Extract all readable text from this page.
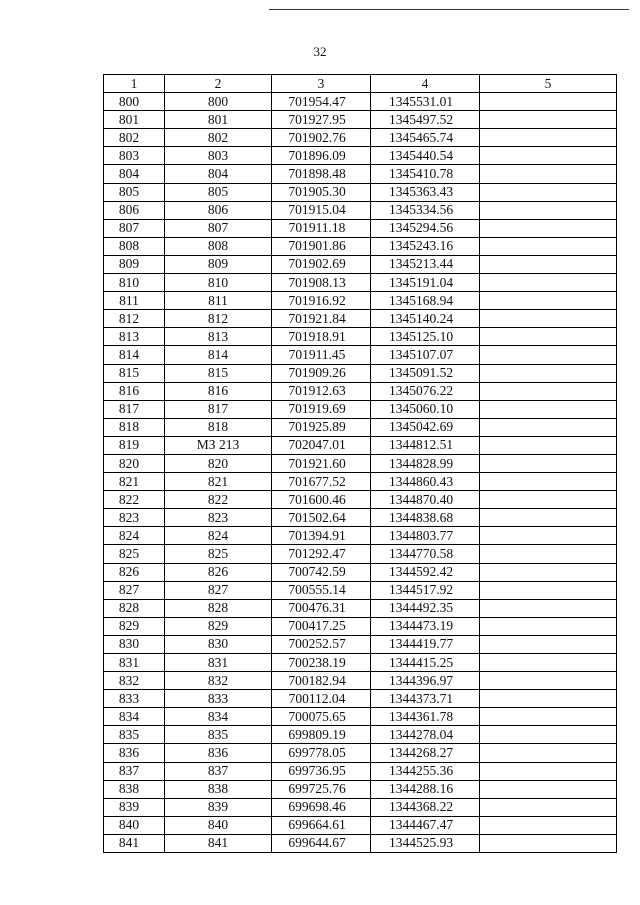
32
1	2	3	4	5
800	800	701954.47	1345531.01	
801	801	701927.95	1345497.52	
802	802	701902.76	1345465.74	
803	803	701896.09	1345440.54	
804	804	701898.48	1345410.78	
805	805	701905.30	1345363.43	
806	806	701915.04	1345334.56	
807	807	701911.18	1345294.56	
808	808	701901.86	1345243.16	
809	809	701902.69	1345213.44	
810	810	701908.13	1345191.04	
811	811	701916.92	1345168.94	
812	812	701921.84	1345140.24	
813	813	701918.91	1345125.10	
814	814	701911.45	1345107.07	
815	815	701909.26	1345091.52	
816	816	701912.63	1345076.22	
817	817	701919.69	1345060.10	
818	818	701925.89	1345042.69	
819	МЗ 213	702047.01	1344812.51	
820	820	701921.60	1344828.99	
821	821	701677.52	1344860.43	
822	822	701600.46	1344870.40	
823	823	701502.64	1344838.68	
824	824	701394.91	1344803.77	
825	825	701292.47	1344770.58	
826	826	700742.59	1344592.42	
827	827	700555.14	1344517.92	
828	828	700476.31	1344492.35	
829	829	700417.25	1344473.19	
830	830	700252.57	1344419.77	
831	831	700238.19	1344415.25	
832	832	700182.94	1344396.97	
833	833	700112.04	1344373.71	
834	834	700075.65	1344361.78	
835	835	699809.19	1344278.04	
836	836	699778.05	1344268.27	
837	837	699736.95	1344255.36	
838	838	699725.76	1344288.16	
839	839	699698.46	1344368.22	
840	840	699664.61	1344467.47	
841	841	699644.67	1344525.93	
